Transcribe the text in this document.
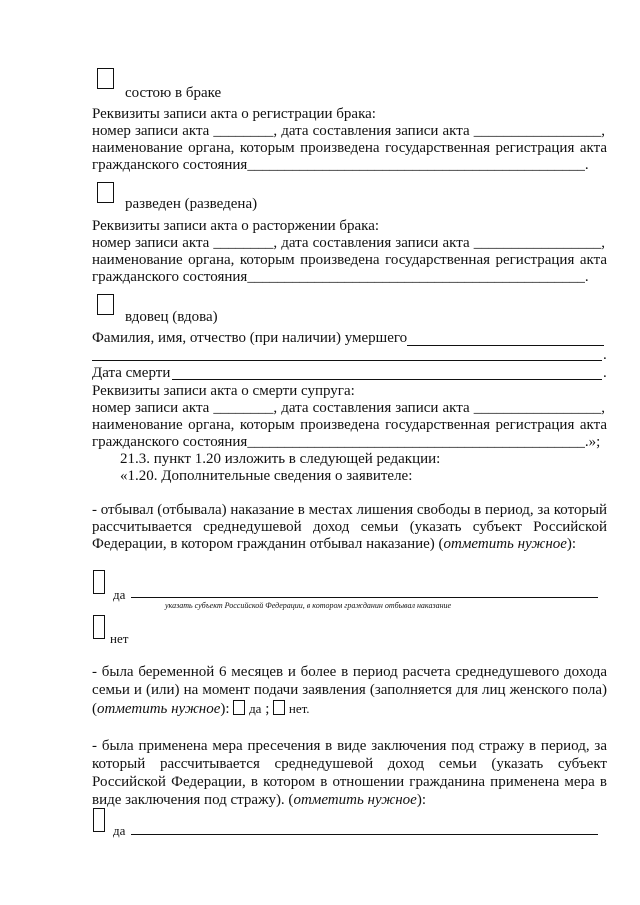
состою в браке
Реквизиты записи акта о регистрации брака:
номер записи акта ________, дата составления записи акта _________________,
наименование органа, которым произведена государственная регистрация акта
гражданского состояния_____________________________________________.
разведен (разведена)
Реквизиты записи акта о расторжении брака:
номер записи акта ________, дата составления записи акта _________________,
наименование органа, которым произведена государственная регистрация акта
гражданского состояния_____________________________________________.
вдовец (вдова)
Фамилия, имя, отчество (при наличии) умершего
.
Дата смерти	.
Реквизиты записи акта о смерти супруга:
номер записи акта ________, дата составления записи акта _________________,
наименование органа, которым произведена государственная регистрация акта
гражданского состояния_____________________________________________.»;
21.3. пункт 1.20 изложить в следующей редакции:
«1.20. Дополнительные сведения о заявителе:
- отбывал (отбывала) наказание в местах лишения свободы в период, за который
рассчитывается среднедушевой доход семьи (указать субъект Российской
Федерации, в котором гражданин отбывал наказание) (отметить нужное):
да
указать субъект Российской Федерации, в котором гражданин отбывал наказание
нет
- была беременной 6 месяцев и более в период расчета среднедушевого дохода
семьи и (или) на момент подачи заявления (заполняется для лиц женского пола)
(отметить нужное):  да ;  нет.
- была применена мера пресечения в виде заключения под стражу в период, за
который рассчитывается среднедушевой доход семьи (указать субъект
Российской Федерации, в котором в отношении гражданина применена мера в
виде заключения под стражу). (отметить нужное):
да
